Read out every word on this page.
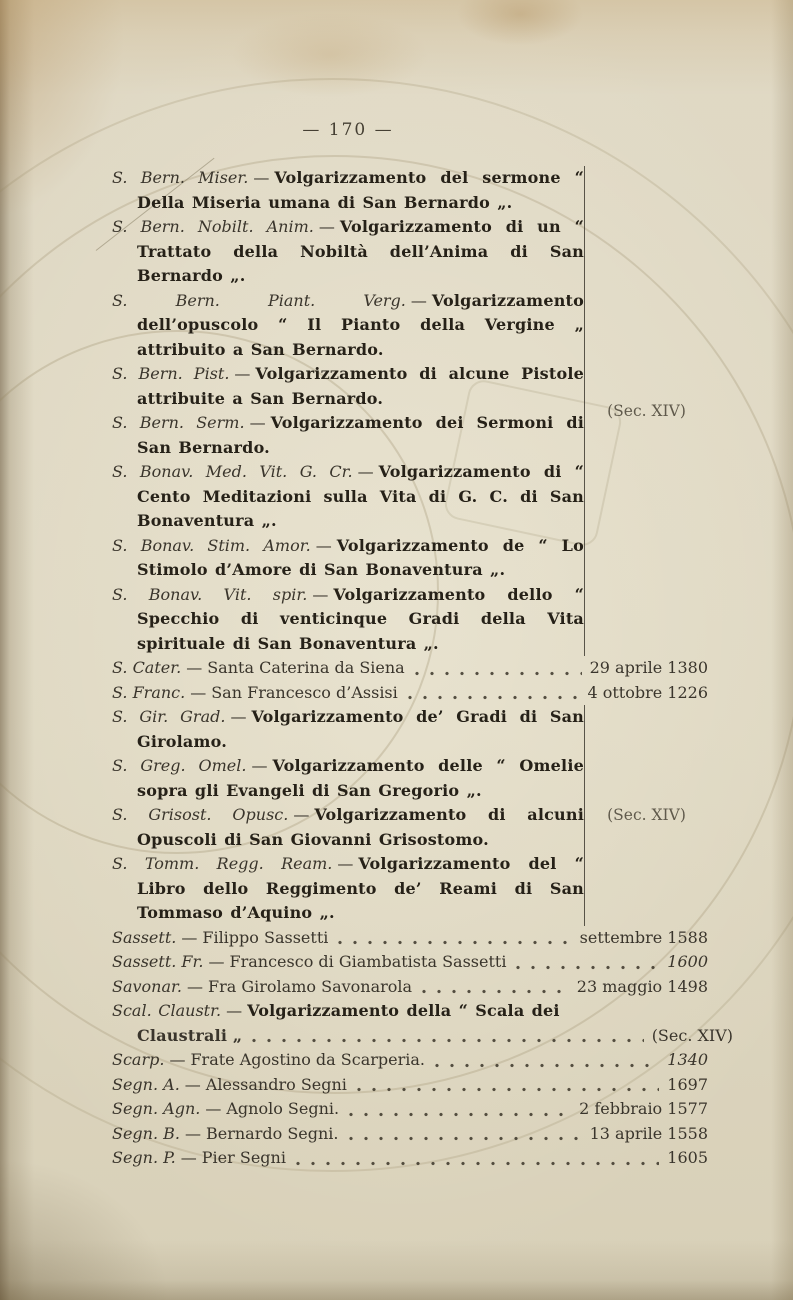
— 170 —

S. Bern. Miser. — Volgarizzamento del sermone “ Della Miseria umana di San Bernardo „.

S. Bern. Nobilt. Anim. — Volgarizzamento di un “ Trattato della Nobiltà dell’Anima di San Bernardo „.

S. Bern. Piant. Verg. — Volgarizzamento dell’opuscolo “ Il Pianto della Vergine „ attribuito a San Bernardo.

S. Bern. Pist. — Volgarizzamento di alcune Pistole attribuite a San Bernardo.

S. Bern. Serm. — Volgarizzamento dei Sermoni di San Bernardo.

S. Bonav. Med. Vit. G. Cr. — Volgarizzamento di “ Cento Meditazioni sulla Vita di G. C. di San Bonaventura „.

S. Bonav. Stim. Amor. — Volgarizzamento de “ Lo Stimolo d’Amore di San Bonaventura „.

S. Bonav. Vit. spir. — Volgarizzamento dello “ Specchio di venticinque Gradi della Vita spirituale di San Bonaventura „.

(Sec. XIV)
S. Cater. — Santa Caterina da Siena	29 aprile 1380
S. Franc. — San Francesco d’Assisi	4 ottobre 1226

S. Gir. Grad. — Volgarizzamento de’ Gradi di San Girolamo.

S. Greg. Omel. — Volgarizzamento delle “ Omelie sopra gli Evangeli di San Gregorio „.

S. Grisost. Opusc. — Volgarizzamento di alcuni Opuscoli di San Giovanni Grisostomo.

S. Tomm. Regg. Ream. — Volgarizzamento del “ Libro dello Reggimento de’ Reami di San Tommaso d’Aquino „.

(Sec. XIV)
Sassett. — Filippo Sassetti	settembre 1588
Sassett. Fr. — Francesco di Giambatista Sassetti	1600
Savonar. — Fra Girolamo Savonarola	23 maggio 1498

Scal. Claustr. — Volgarizzamento della “ Scala dei

Claustrali „	(Sec. XIV)
Scarp. — Frate Agostino da Scarperia.	1340
Segn. A. — Alessandro Segni	1697
Segn. Agn. — Agnolo Segni.	2 febbraio 1577
Segn. B. — Bernardo Segni.	13 aprile 1558
Segn. P. — Pier Segni	1605
